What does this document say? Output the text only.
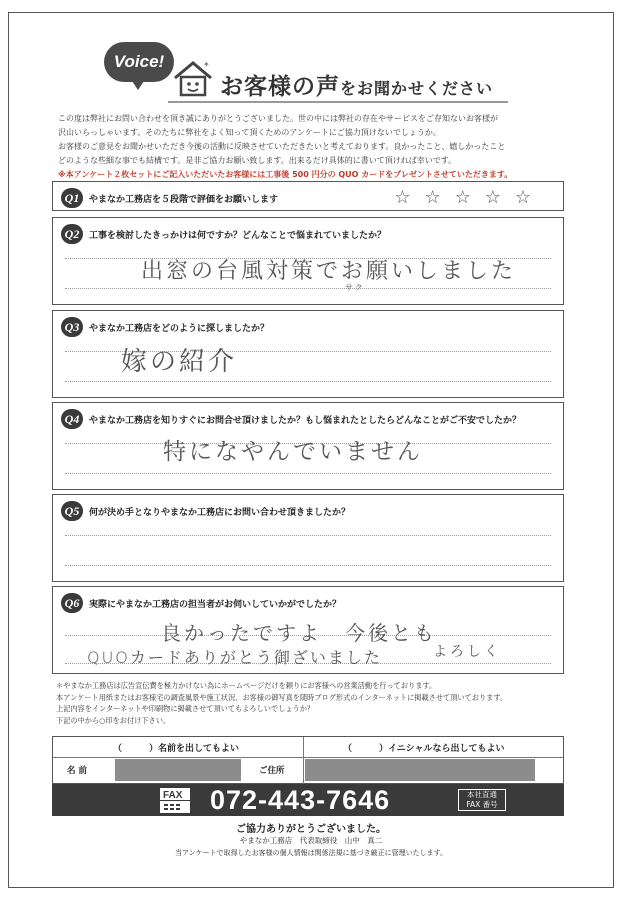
Voice!	✦
お客様の声をお聞かせください

この度は弊社にお問い合わせを頂き誠にありがとうございました。世の中には弊社の存在やサービスをご存知ないお客様が

沢山いらっしゃいます。そのたちに弊社をよく知って頂くためのアンケートにご協力頂けないでしょうか。

お客様のご意見をお聞かせいただき今後の活動に反映させていただきたいと考えております。良かったこと、嬉しかったこと

どのような些細な事でも結構です。是非ご協力お願い致します。出来るだけ具体的に書いて頂ければ幸いです。

※本アンケート２枚セットにご記入いただいたお客様には工事後 500 円分の QUO カードをプレゼントさせていただきます。

Q1	やまなか工務店を５段階で評価をお願いします	☆☆☆☆☆
Q2	工事を検討したきっかけは何ですか？どんなことで悩まれていましたか？
出窓の台風対策でお願いしました
サク
Q3	やまなか工務店をどのように探しましたか？
嫁の紹介
Q4	やまなか工務店を知りすぐにお問合せ頂けましたか？もし悩まれたとしたらどんなことがご不安でしたか？
特になやんでいません
Q5	何が決め手となりやまなか工務店にお問い合わせ頂きましたか？
Q6	実際にやまなか工務店の担当者がお伺いしていかがでしたか？
良かったですよ　今後とも
QUOカードありがとう御ざいました	よろしく

＊やまなか工務店は広告宣伝費を極力かけない為にホームページだけを頼りにお客様への営業活動を行っております。

本アンケート用紙またはお客様宅の調査風景や施工状況、お客様の御写真を随時ブログ形式のインターネットに掲載させて頂いております。

上記内容をインターネットや印刷物に掲載させて頂いてもよろしいでしょうか？

下記の中から○印をお付け下さい。

（　　　）名前を出してもよい	（　　　）イニシャルなら出してもよい
名 前	ご住所
FAX 072-443-7646	本社直通
FAX 番号
ご協力ありがとうございました。
やまなか工務店　代表取締役　山中　真二
当アンケートで取得したお客様の個人情報は関係法規に基づき厳正に管理いたします。
